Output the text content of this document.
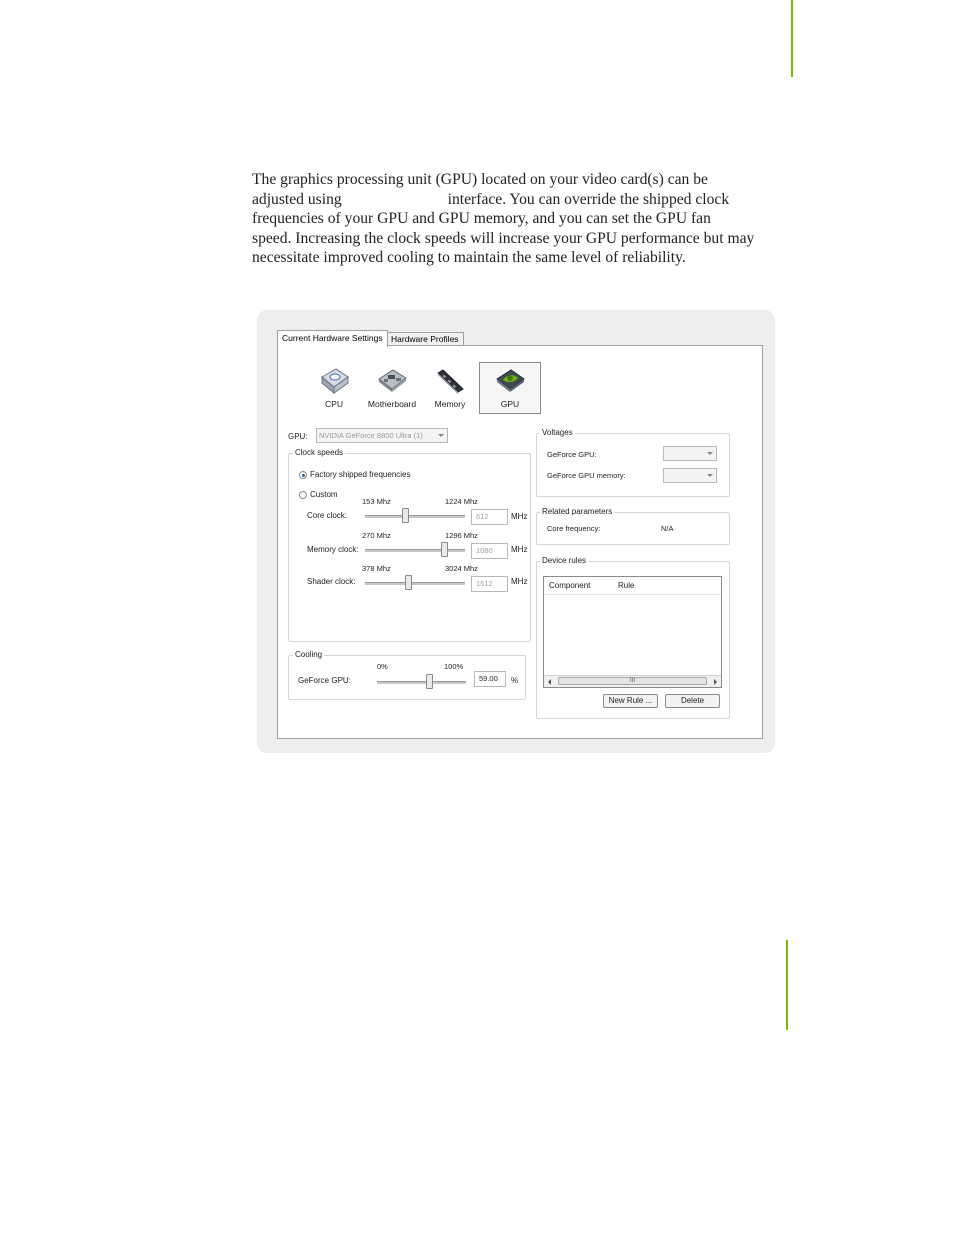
The graphics processing unit (GPU) located on your video card(s) can be

adjusted using	interface. You can override the shipped clock

frequencies of your GPU and GPU memory, and you can set the GPU fan

speed. Increasing the clock speeds will increase your GPU performance but may

necessitate improved cooling to maintain the same level of reliability.

Current Hardware Settings Hardware Profiles
CPU	Motherboard	Memory	GPU
GPU:	NVIDIA GeForce 8800 Ultra (1)
Clock speeds
Factory shipped frequencies
Custom
153 Mhz	1224 Mhz
Core clock:	612	MHz
270 Mhz	1296 Mhz
Memory clock:	1080	MHz
378 Mhz	3024 Mhz
Shader clock:	1512	MHz
Cooling
0%	100%
GeForce GPU:	59.00	%
Voltages
GeForce GPU:
GeForce GPU memory:
Related parameters
Core frequency:	N/A
Device rules
Component	Rule
III
New Rule ...	Delete
